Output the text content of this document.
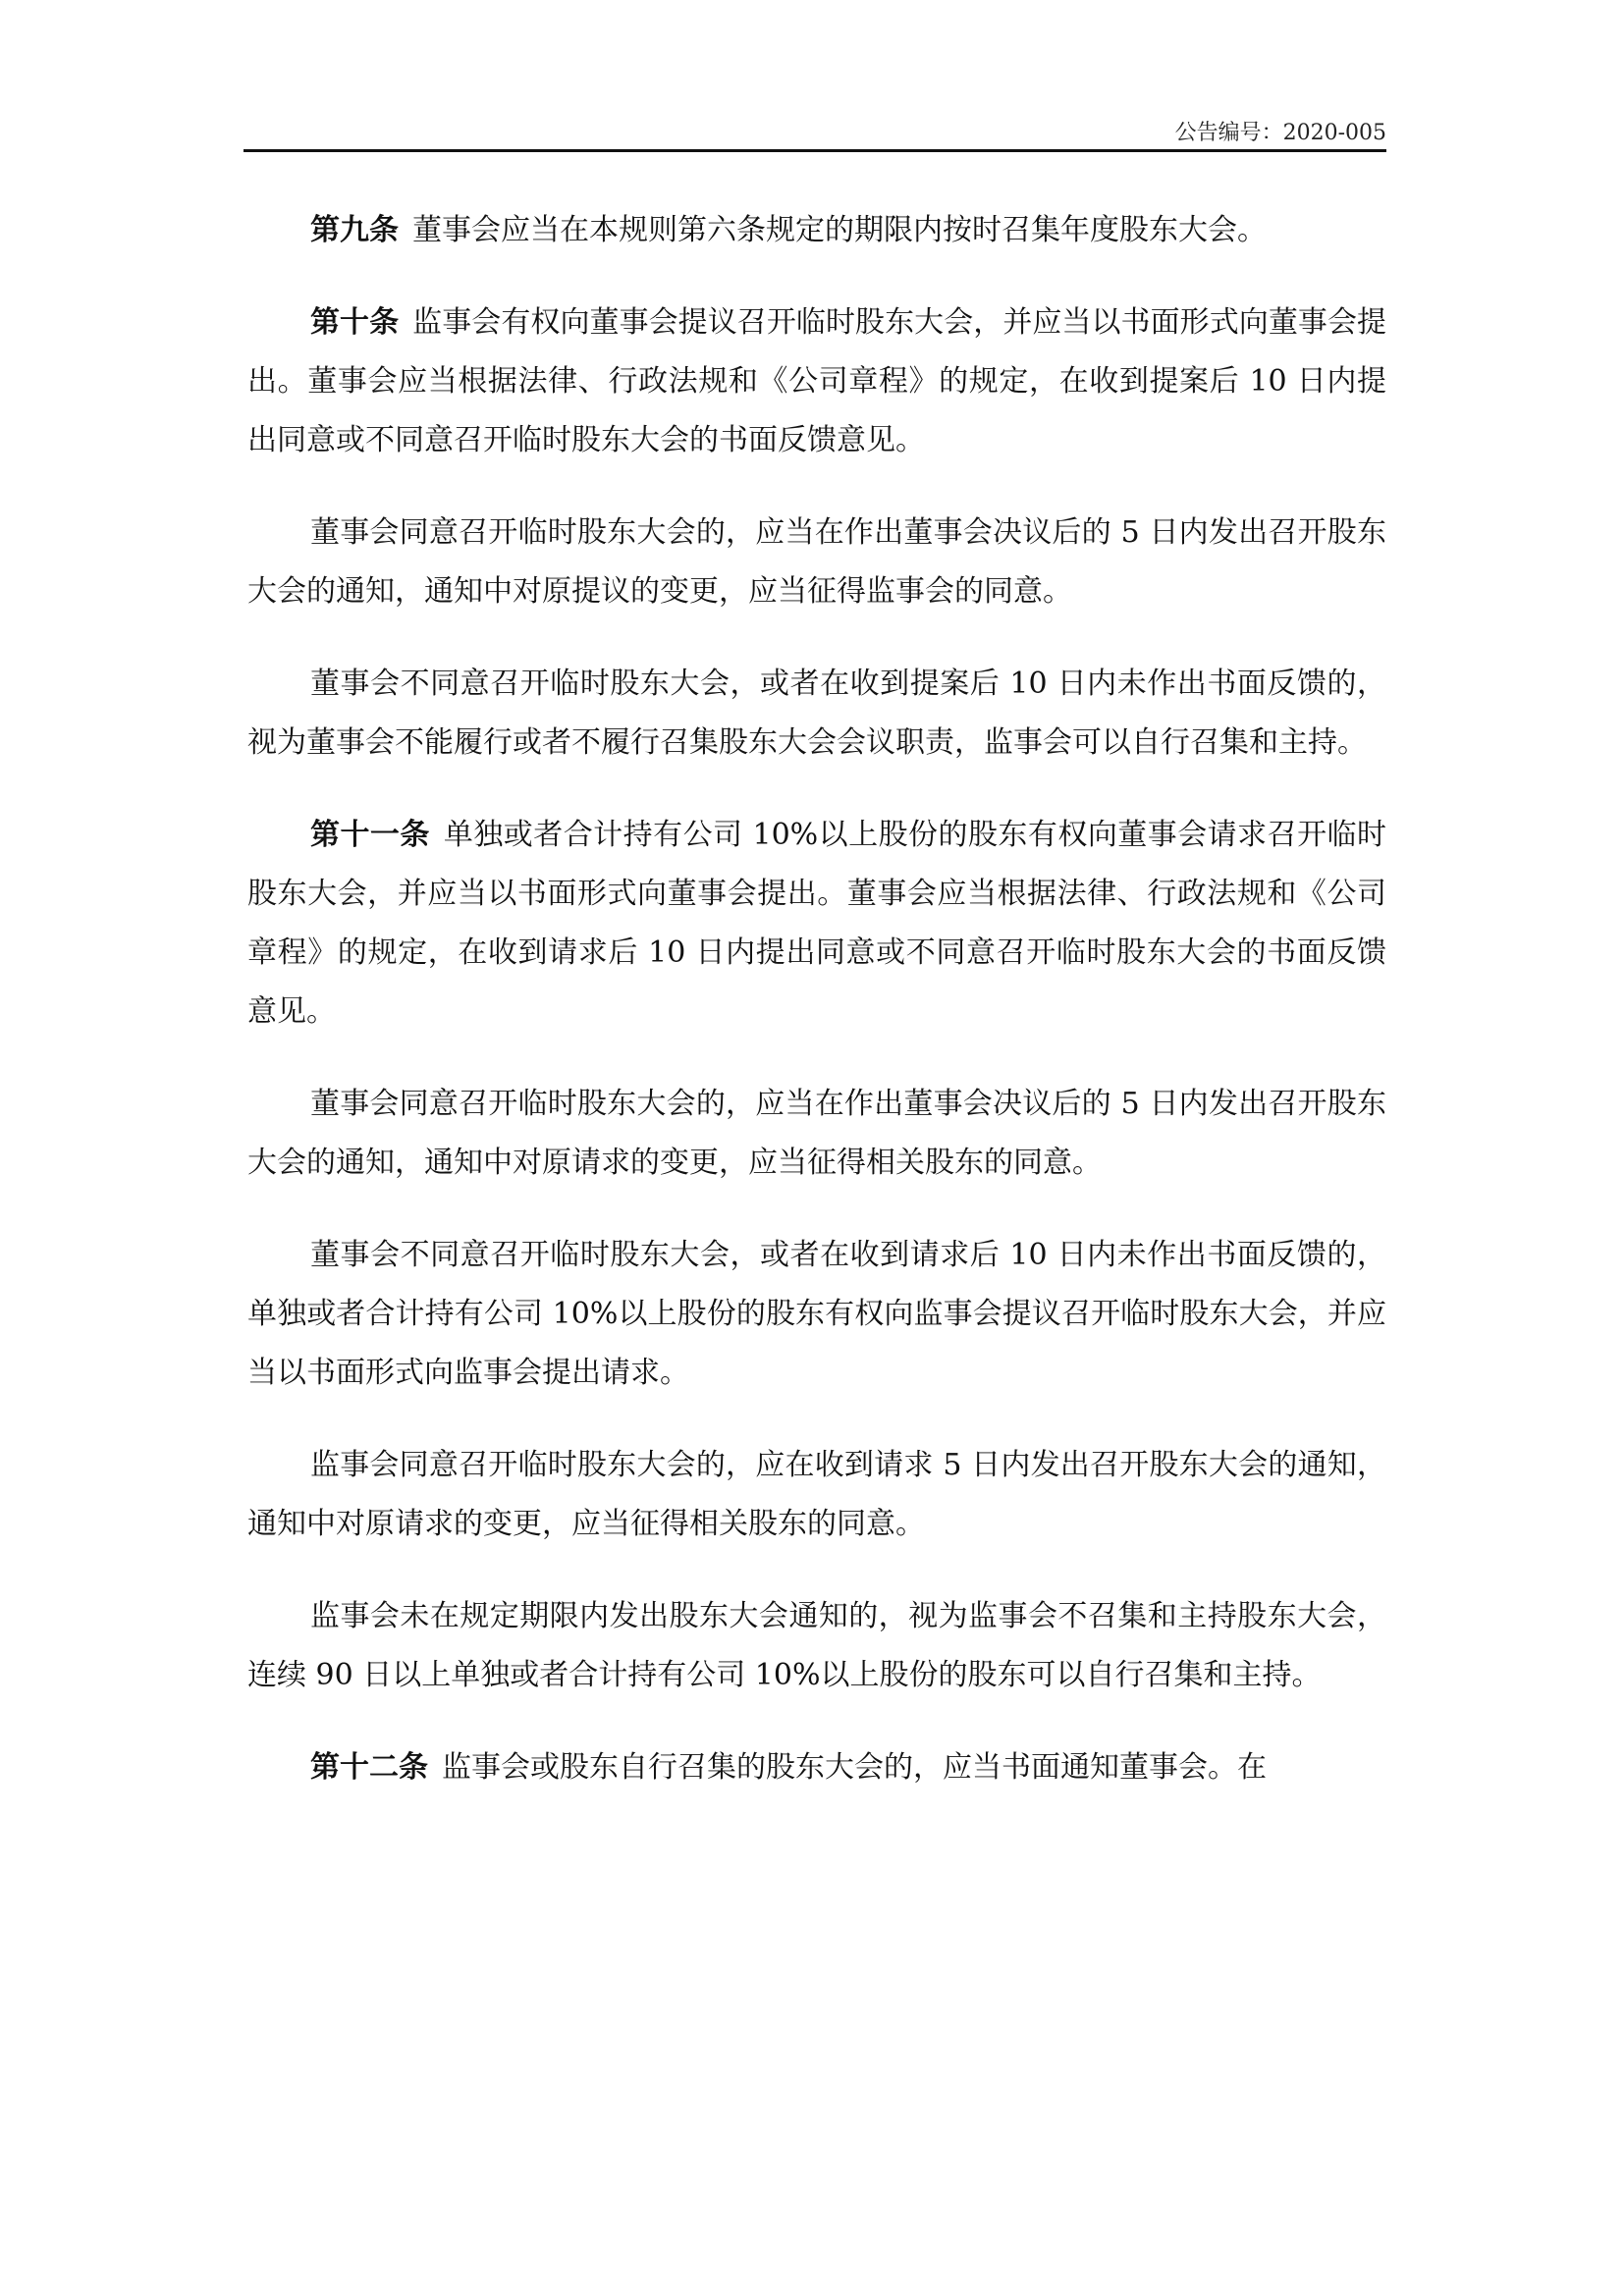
公告编号：2020-005

第九条 董事会应当在本规则第六条规定的期限内按时召集年度股东大会。

第十条 监事会有权向董事会提议召开临时股东大会，并应当以书面形式向董事会提出。董事会应当根据法律、行政法规和《公司章程》的规定，在收到提案后 10 日内提出同意或不同意召开临时股东大会的书面反馈意见。

董事会同意召开临时股东大会的，应当在作出董事会决议后的 5 日内发出召开股东大会的通知，通知中对原提议的变更，应当征得监事会的同意。

董事会不同意召开临时股东大会，或者在收到提案后 10 日内未作出书面反馈的，视为董事会不能履行或者不履行召集股东大会会议职责，监事会可以自行召集和主持。

第十一条 单独或者合计持有公司 10%以上股份的股东有权向董事会请求召开临时股东大会，并应当以书面形式向董事会提出。董事会应当根据法律、行政法规和《公司章程》的规定，在收到请求后 10 日内提出同意或不同意召开临时股东大会的书面反馈意见。

董事会同意召开临时股东大会的，应当在作出董事会决议后的 5 日内发出召开股东大会的通知，通知中对原请求的变更，应当征得相关股东的同意。

董事会不同意召开临时股东大会，或者在收到请求后 10 日内未作出书面反馈的，单独或者合计持有公司 10%以上股份的股东有权向监事会提议召开临时股东大会，并应当以书面形式向监事会提出请求。

监事会同意召开临时股东大会的，应在收到请求 5 日内发出召开股东大会的通知，通知中对原请求的变更，应当征得相关股东的同意。

监事会未在规定期限内发出股东大会通知的，视为监事会不召集和主持股东大会，连续 90 日以上单独或者合计持有公司 10%以上股份的股东可以自行召集和主持。

第十二条 监事会或股东自行召集的股东大会的，应当书面通知董事会。在
